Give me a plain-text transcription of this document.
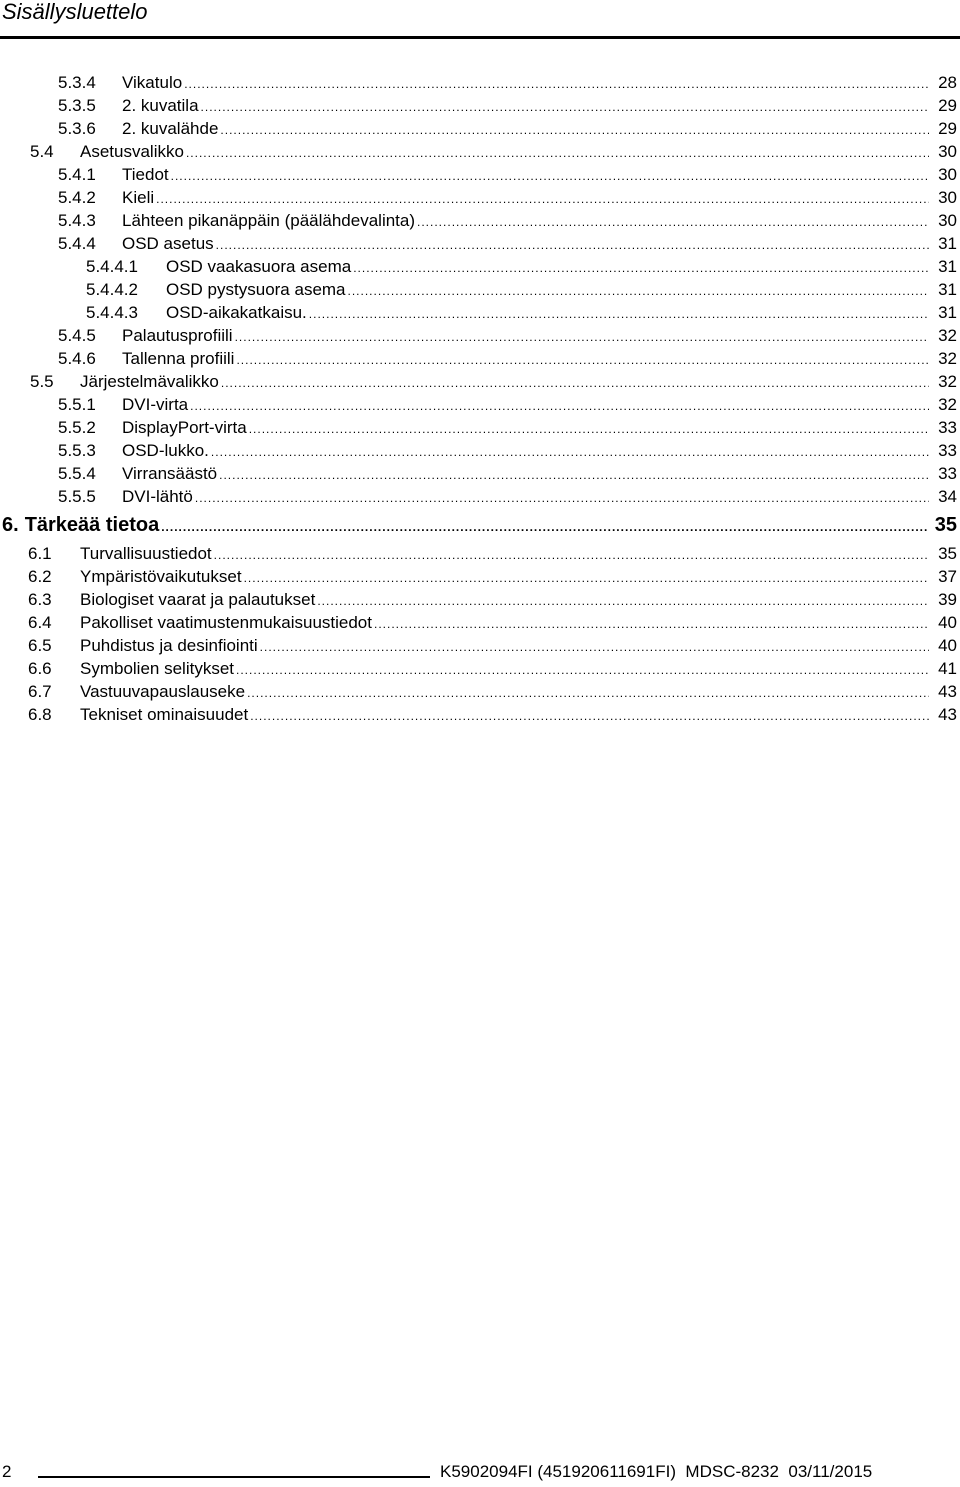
Sisällysluettelo
5.3.4	Vikatulo .....	28
5.3.5	2. kuvatila .....	29
5.3.6	2. kuvalähde .....	29
5.4	Asetusvalikko .....	30
5.4.1	Tiedot .....	30
5.4.2	Kieli .....	30
5.4.3	Lähteen pikanäppäin (päälähdevalinta) .....	30
5.4.4	OSD asetus .....	31
5.4.4.1	OSD vaakasuora asema .....	31
5.4.4.2	OSD pystysuora asema .....	31
5.4.4.3	OSD-aikakatkaisu. .....	31
5.4.5	Palautusprofiili .....	32
5.4.6	Tallenna profiili .....	32
5.5	Järjestelmävalikko .....	32
5.5.1	DVI-virta .....	32
5.5.2	DisplayPort-virta .....	33
5.5.3	OSD-lukko. .....	33
5.5.4	Virransäästö .....	33
5.5.5	DVI-lähtö .....	34
6. Tärkeää tietoa .....	35
6.1	Turvallisuustiedot .....	35
6.2	Ympäristövaikutukset .....	37
6.3	Biologiset vaarat ja palautukset .....	39
6.4	Pakolliset vaatimustenmukaisuustiedot .....	40
6.5	Puhdistus ja desinfiointi .....	40
6.6	Symbolien selitykset .....	41
6.7	Vastuuvapauslauseke .....	43
6.8	Tekniset ominaisuudet .....	43
2	K5902094FI (451920611691FI)  MDSC-8232  03/11/2015
